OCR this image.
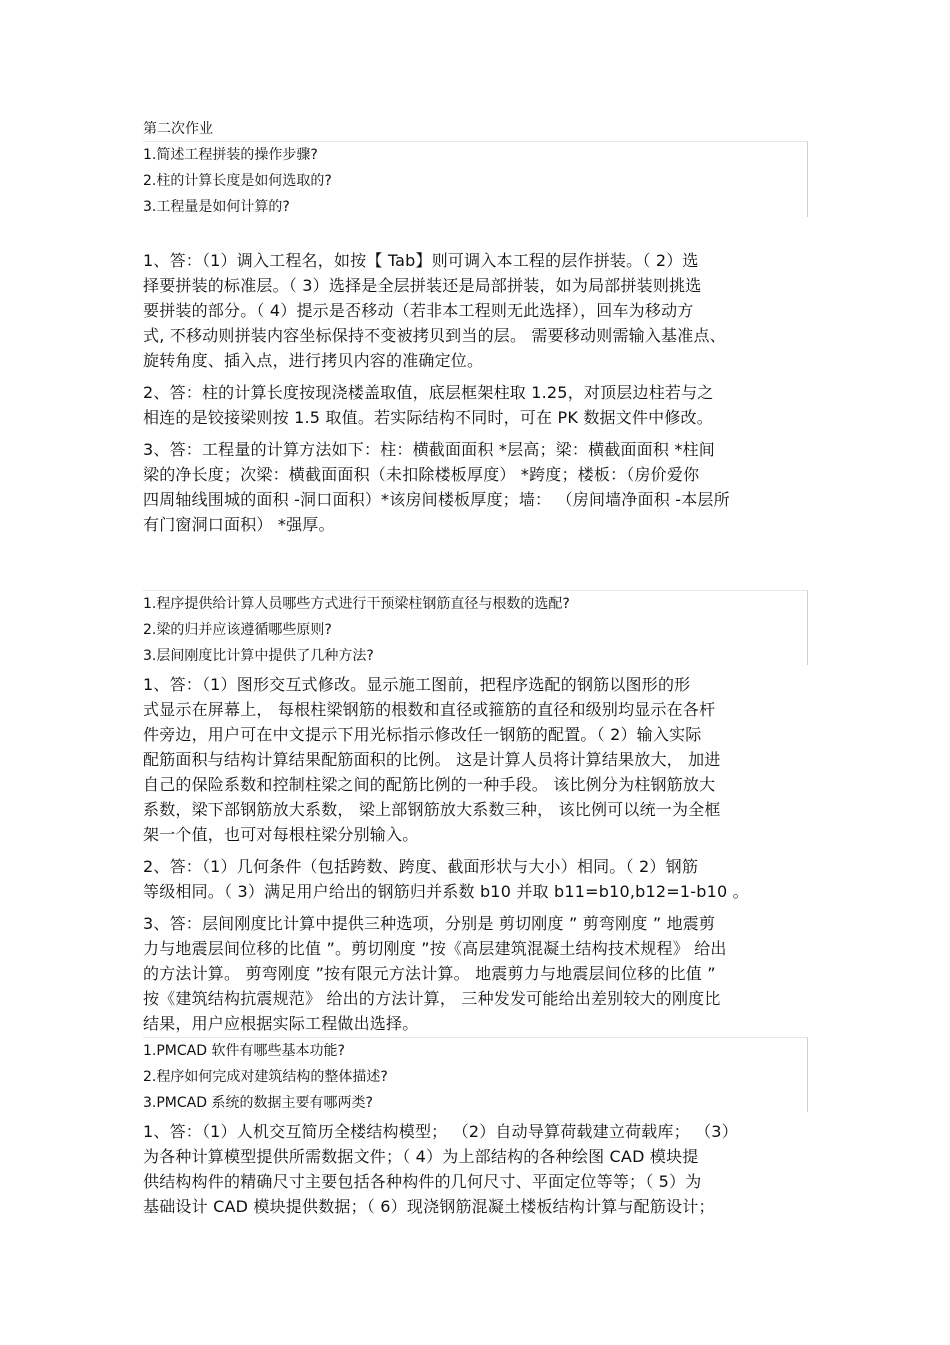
第二次作业
1.简述工程拼装的操作步骤?
2.柱的计算长度是如何选取的?
3.工程量是如何计算的?

1、答：（1）调入工程名，如按【 Tab】则可调入本工程的层作拼装。（ 2）选
择要拼装的标准层。（ 3）选择是全层拼装还是局部拼装，如为局部拼装则挑选
要拼装的部分。（ 4）提示是否移动（若非本工程则无此选择），回车为移动方
式, 不移动则拼装内容坐标保持不变被拷贝到当的层。 需要移动则需输入基准点、
旋转角度、插入点，进行拷贝内容的准确定位。

2、答：柱的计算长度按现浇楼盖取值，底层框架柱取 1.25，对顶层边柱若与之
相连的是铰接梁则按 1.5 取值。若实际结构不同时，可在 PK 数据文件中修改。

3、答：工程量的计算方法如下：柱：横截面面积 *层高；梁：横截面面积 *柱间
梁的净长度；次梁：横截面面积（未扣除楼板厚度） *跨度；楼板：（房价爱你
四周轴线围城的面积 -洞口面积）*该房间楼板厚度；墙： （房间墙净面积 -本层所
有门窗洞口面积） *强厚。

1.程序提供给计算人员哪些方式进行干预梁柱钢筋直径与根数的选配?
2.梁的归并应该遵循哪些原则?
3.层间刚度比计算中提供了几种方法?

1、答：（1）图形交互式修改。显示施工图前，把程序选配的钢筋以图形的形
式显示在屏幕上， 每根柱梁钢筋的根数和直径或箍筋的直径和级别均显示在各杆
件旁边，用户可在中文提示下用光标指示修改任一钢筋的配置。（ 2）输入实际
配筋面积与结构计算结果配筋面积的比例。 这是计算人员将计算结果放大， 加进
自己的保险系数和控制柱梁之间的配筋比例的一种手段。 该比例分为柱钢筋放大
系数，梁下部钢筋放大系数， 梁上部钢筋放大系数三种， 该比例可以统一为全框
架一个值，也可对每根柱梁分别输入。

2、答：（1）几何条件（包括跨数、跨度、截面形状与大小）相同。（ 2）钢筋
等级相同。（ 3）满足用户给出的钢筋归并系数 b10 并取 b11=b10,b12=1-b10 。

3、答：层间刚度比计算中提供三种选项，分别是 剪切刚度 ” 剪弯刚度 ” 地震剪
力与地震层间位移的比值 ”。剪切刚度 ”按《高层建筑混凝土结构技术规程》 给出
的方法计算。 剪弯刚度 ”按有限元方法计算。 地震剪力与地震层间位移的比值 ”
按《建筑结构抗震规范》 给出的方法计算， 三种发发可能给出差别较大的刚度比
结果，用户应根据实际工程做出选择。

1.PMCAD 软件有哪些基本功能?
2.程序如何完成对建筑结构的整体描述?
3.PMCAD 系统的数据主要有哪两类?

1、答：（1）人机交互简历全楼结构模型； （2）自动导算荷载建立荷载库； （3）
为各种计算模型提供所需数据文件；（ 4）为上部结构的各种绘图 CAD 模块提
供结构构件的精确尺寸主要包括各种构件的几何尺寸、平面定位等等；（ 5）为
基础设计 CAD 模块提供数据；（ 6）现浇钢筋混凝土楼板结构计算与配筋设计；
